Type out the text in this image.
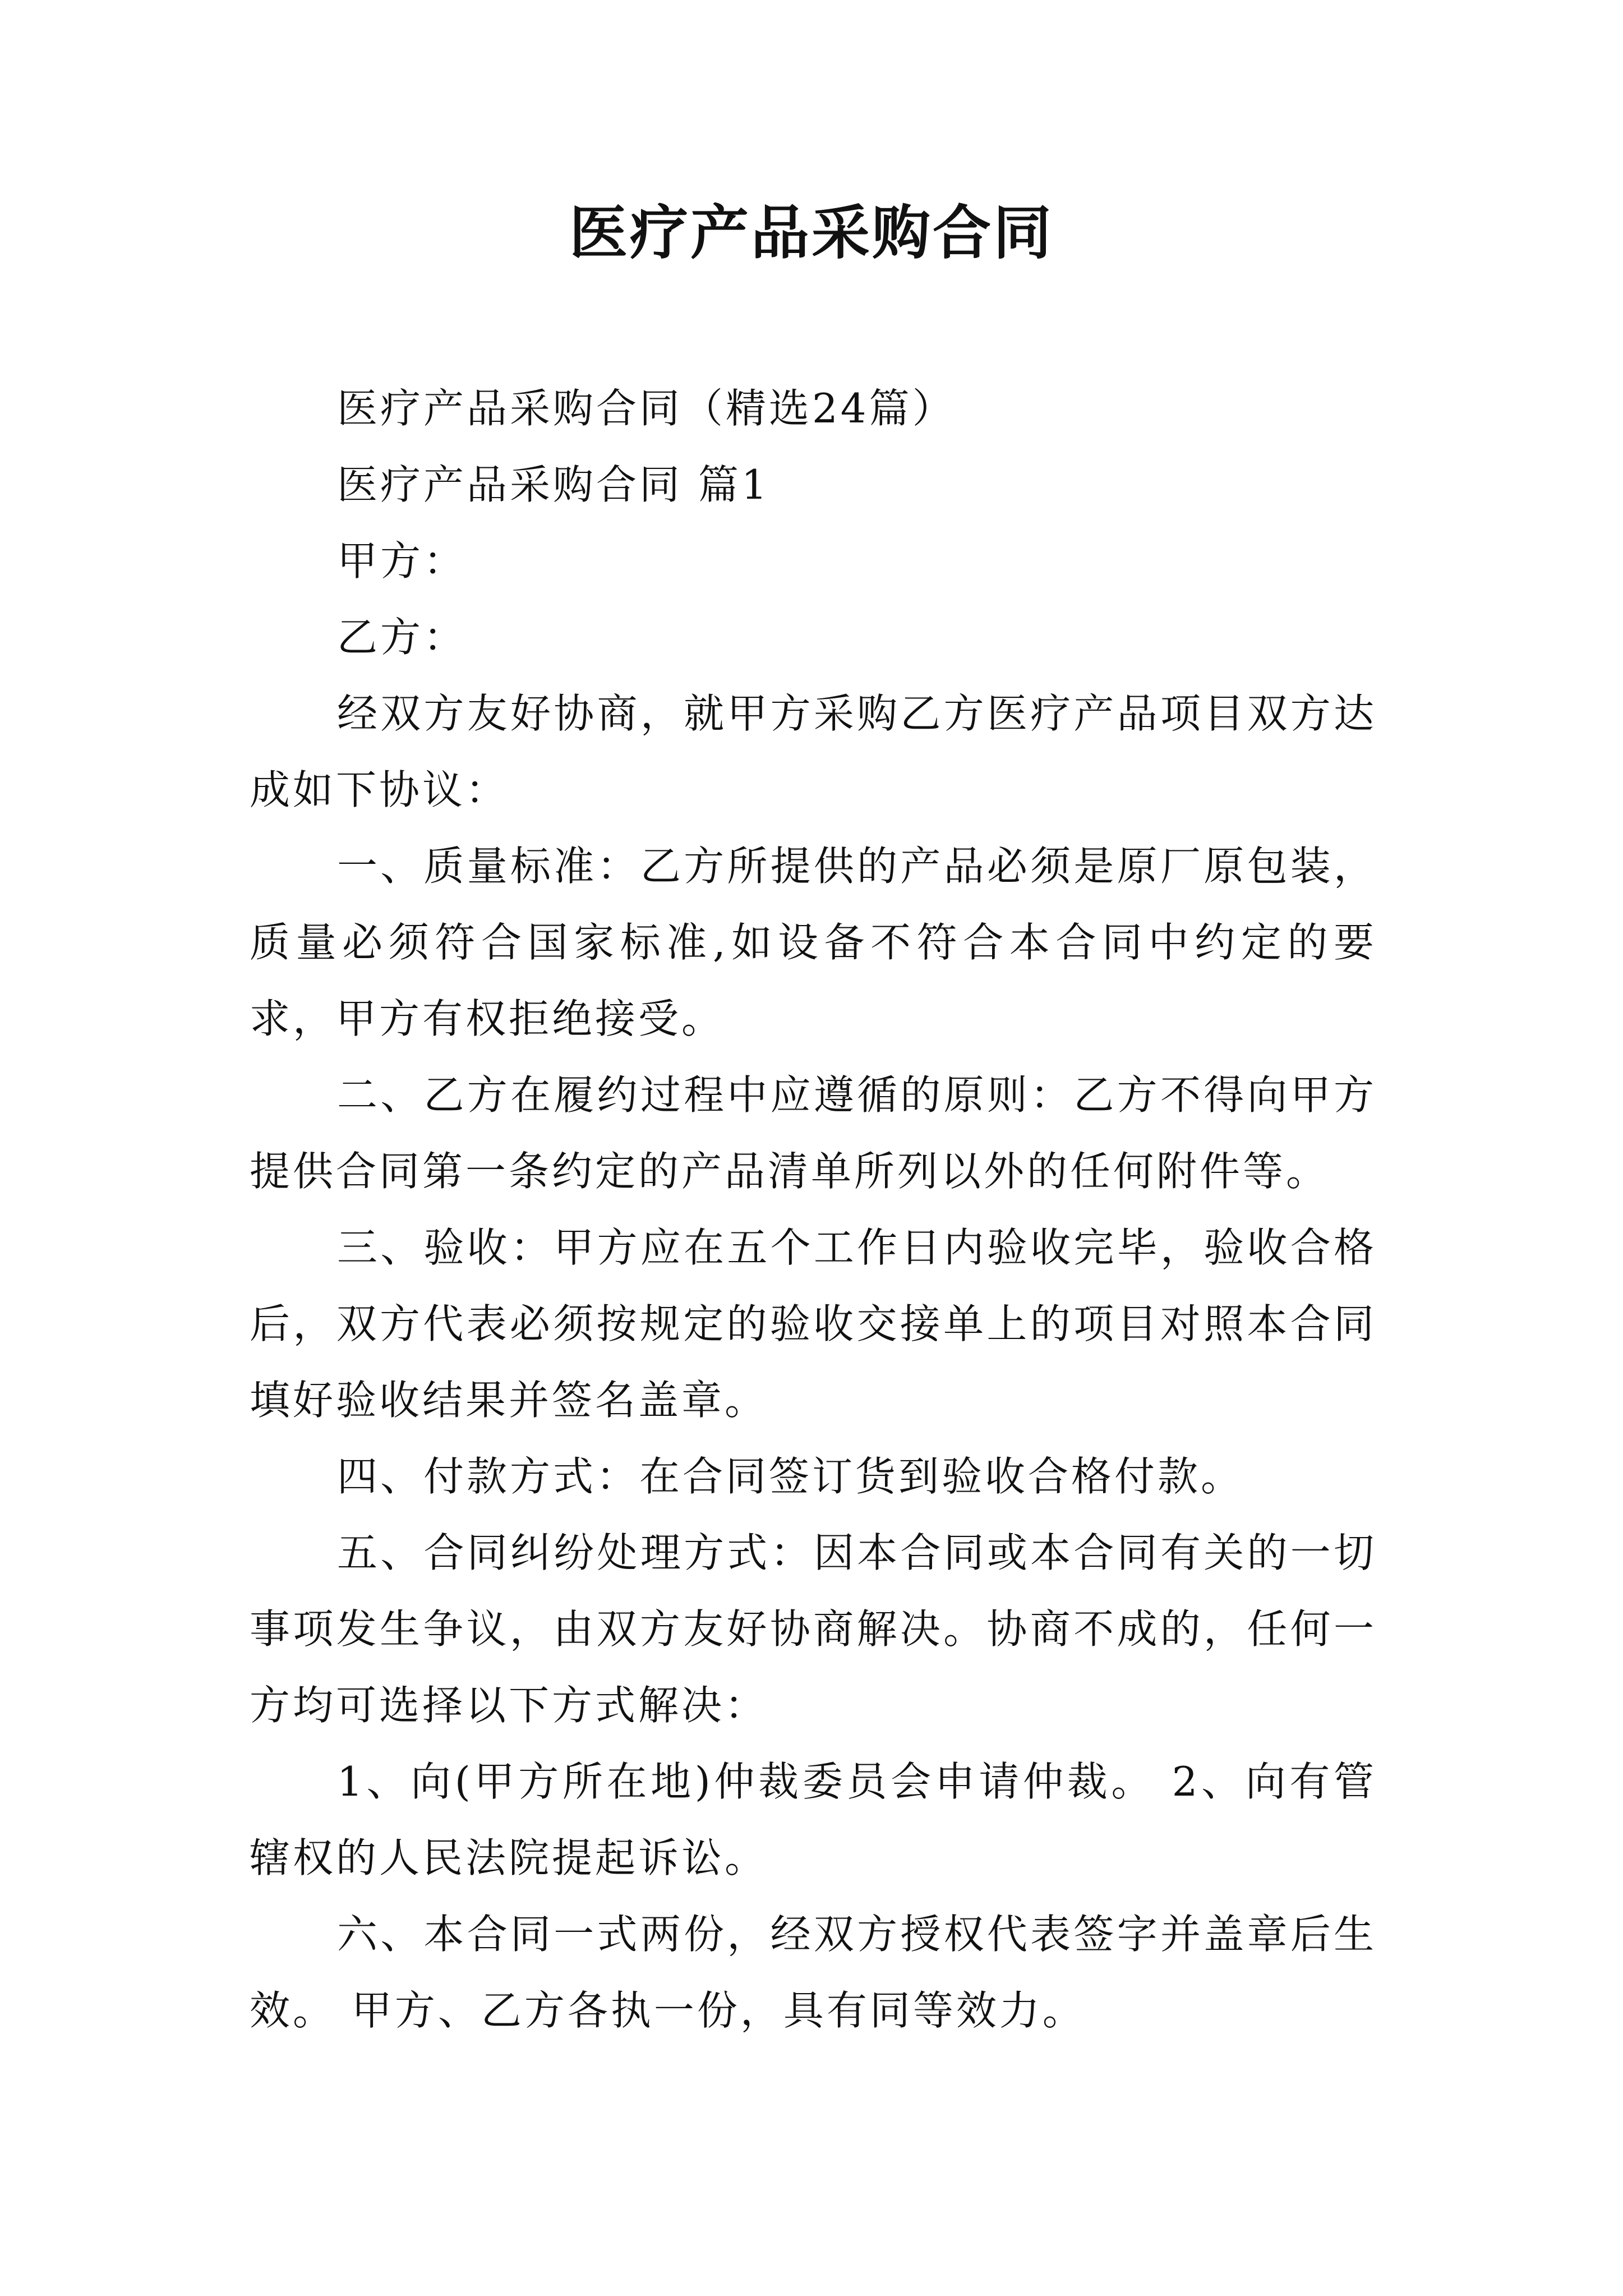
医疗产品采购合同

医疗产品采购合同（精选24篇）

医疗产品采购合同 篇1

甲方：

乙方：

经双方友好协商，就甲方采购乙方医疗产品项目双方达成如下协议：

一、质量标准：乙方所提供的产品必须是原厂原包装，质量必须符合国家标准,如设备不符合本合同中约定的要求，甲方有权拒绝接受。

二、乙方在履约过程中应遵循的原则：乙方不得向甲方提供合同第一条约定的产品清单所列以外的任何附件等。

三、验收：甲方应在五个工作日内验收完毕，验收合格后，双方代表必须按规定的验收交接单上的项目对照本合同填好验收结果并签名盖章。

四、付款方式：在合同签订货到验收合格付款。

五、合同纠纷处理方式：因本合同或本合同有关的一切事项发生争议，由双方友好协商解决。协商不成的，任何一方均可选择以下方式解决：

1、向(甲方所在地)仲裁委员会申请仲裁。 2、向有管辖权的人民法院提起诉讼。

六、本合同一式两份，经双方授权代表签字并盖章后生效。 甲方、乙方各执一份，具有同等效力。
